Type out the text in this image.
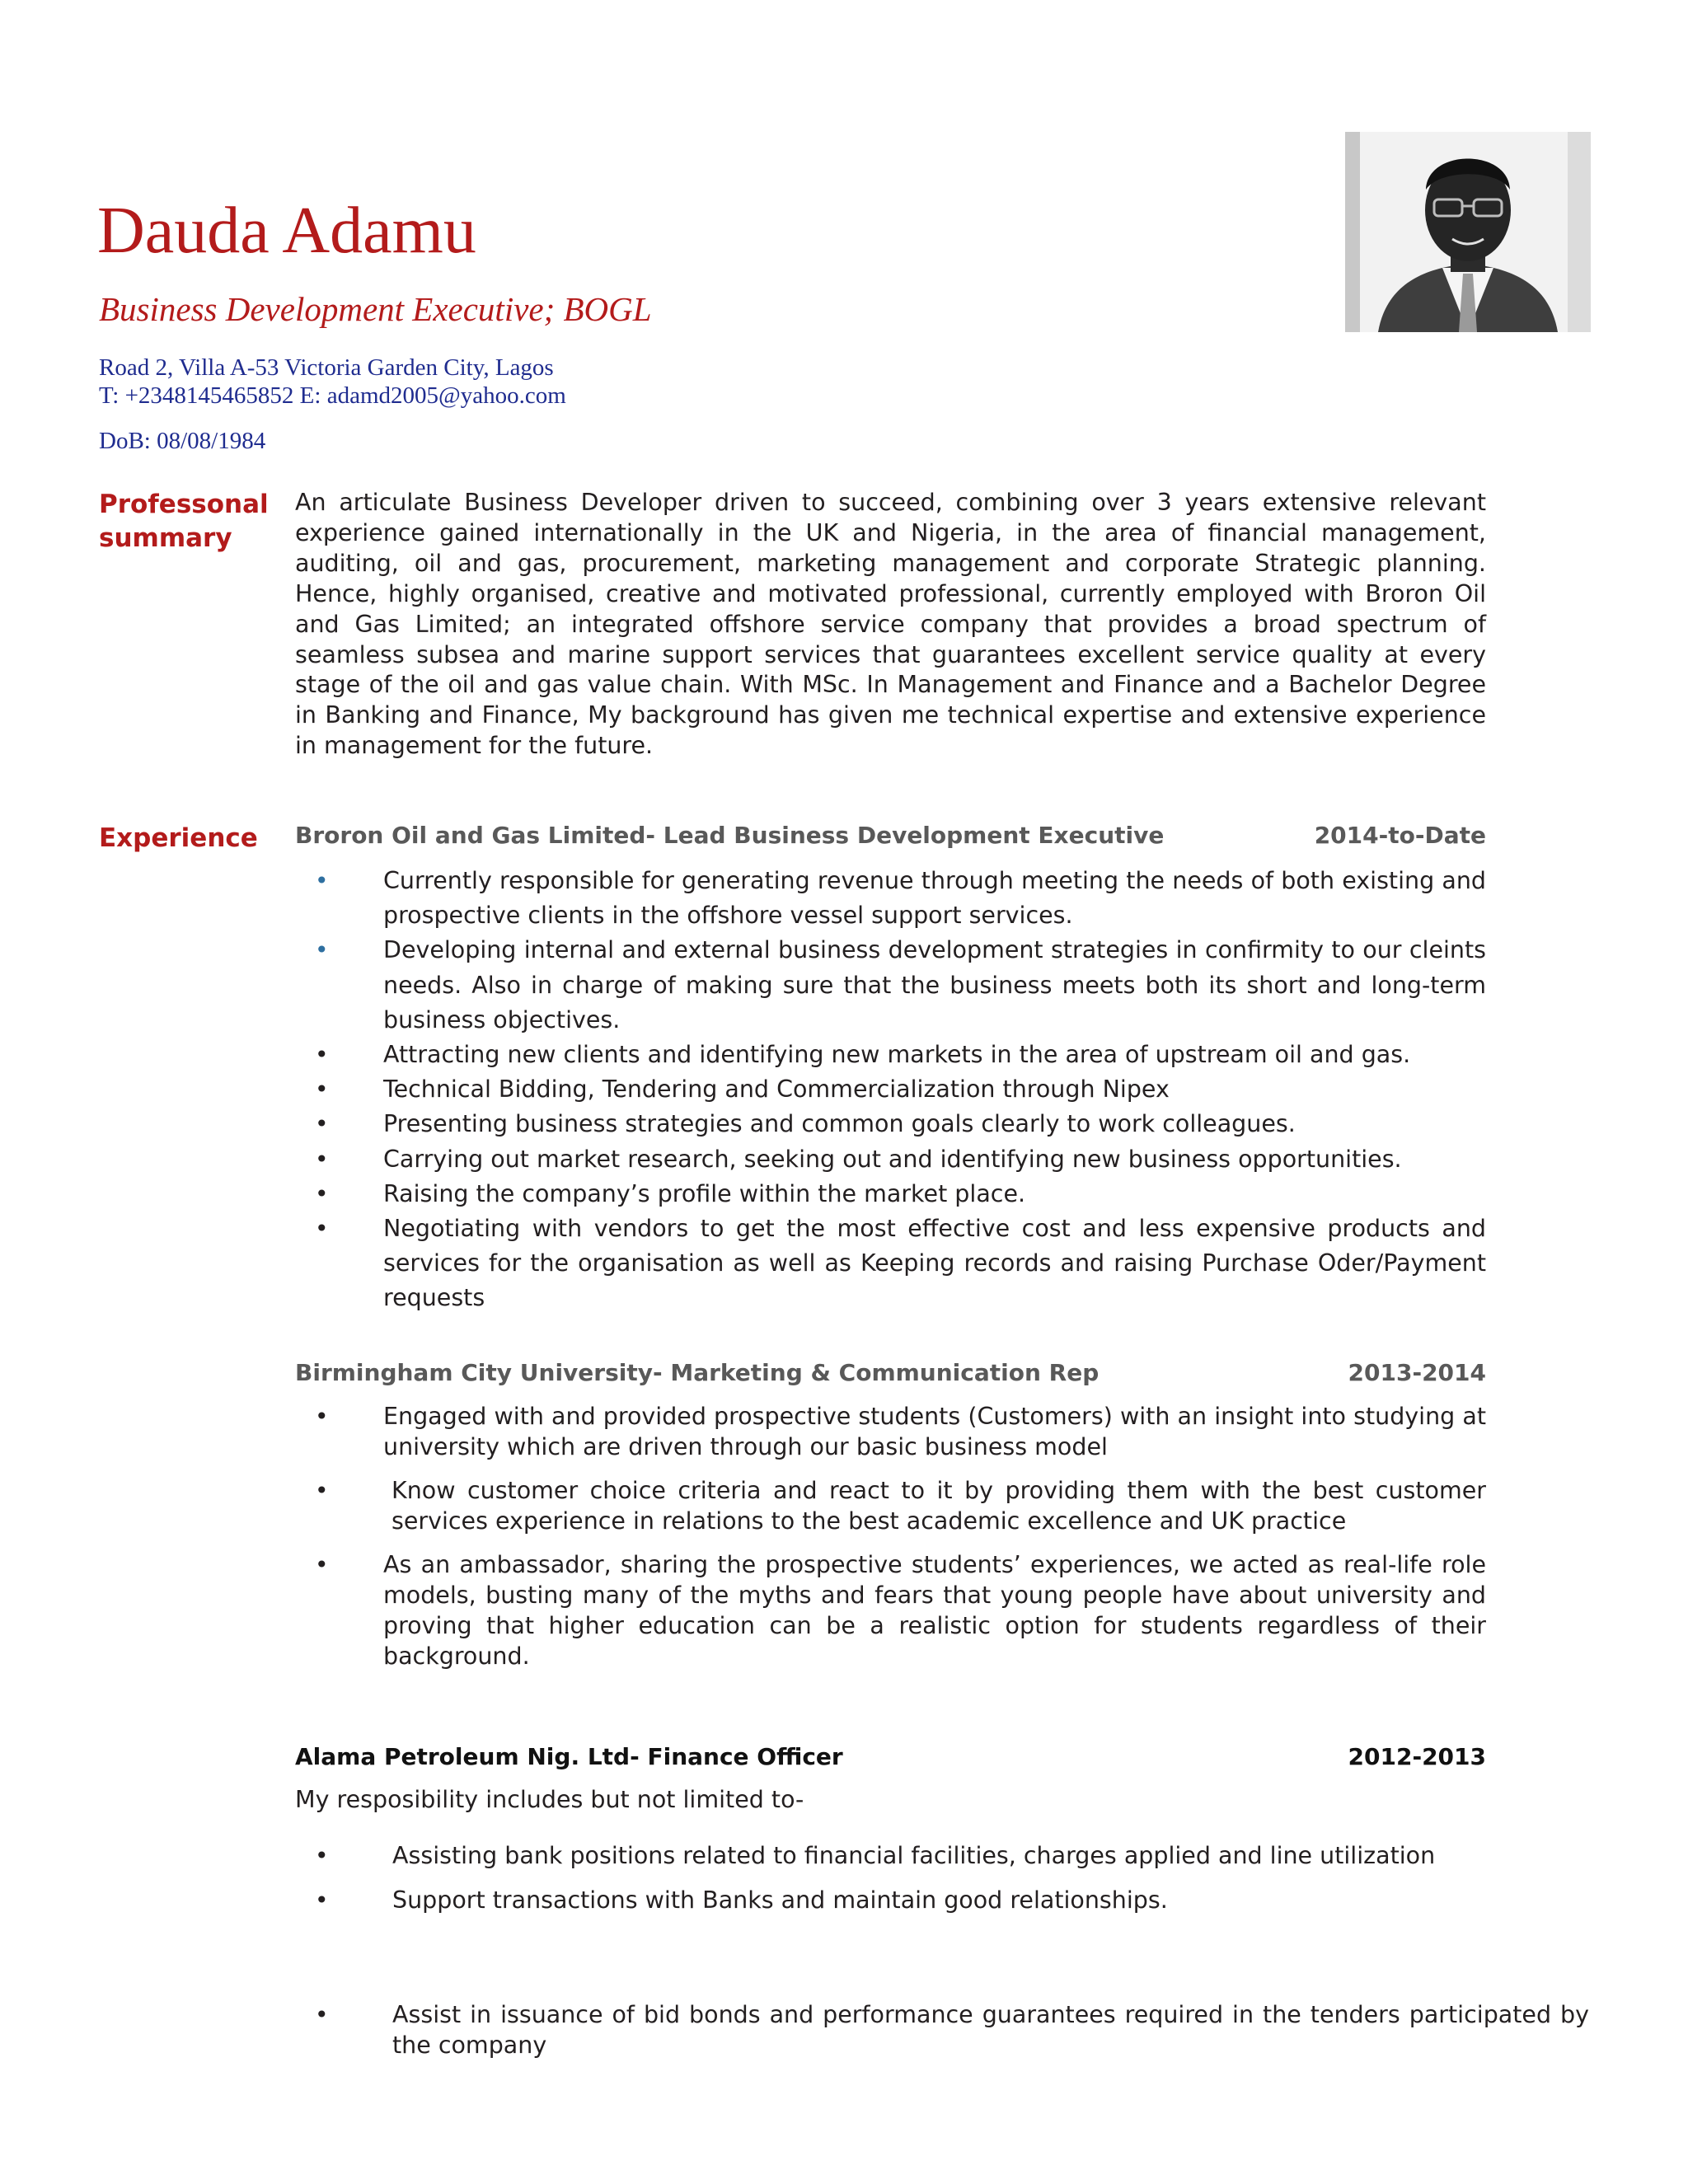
Dauda Adamu
Business Development Executive; BOGL
Road 2, Villa A-53 Victoria Garden City, Lagos
T: +2348145465852 E: adamd2005@yahoo.com
DoB: 08/08/1984
Professonal
summary
An articulate Business Developer driven to succeed, combining over 3 years extensive relevant experience gained internationally in the UK and Nigeria, in the area of financial management, auditing, oil and gas, procurement, marketing management and corporate Strategic planning. Hence, highly organised, creative and motivated professional, currently employed with Broron Oil and Gas Limited; an integrated offshore service company that provides a broad spectrum of seamless subsea and marine support services that guarantees excellent service quality at every stage of the oil and gas value chain. With MSc. In Management and Finance and a Bachelor Degree in Banking and Finance, My background has given me technical expertise and extensive experience in management for the future.
Experience Broron Oil and Gas Limited- Lead Business Development Executive	2014-to-Date
• Currently responsible for generating revenue through meeting the needs of both existing and prospective clients in the offshore vessel support services.
• Developing internal and external business development strategies in confirmity to our cleints needs. Also in charge of making sure that the business meets both its short and long-term business objectives.
• Attracting new clients and identifying new markets in the area of upstream oil and gas.
• Technical Bidding, Tendering and Commercialization through Nipex
• Presenting business strategies and common goals clearly to work colleagues.
• Carrying out market research, seeking out and identifying new business opportunities.
• Raising the company’s profile within the market place.
• Negotiating with vendors to get the most effective cost and less expensive products and services for the organisation as well as Keeping records and raising Purchase Oder/Payment requests
Birmingham City University- Marketing & Communication Rep	2013-2014
• Engaged with and provided prospective students (Customers) with an insight into studying at university which are driven through our basic business model
•	Know customer choice criteria and react to it by providing them with the best customer services experience in relations to the best academic excellence and UK practice
• As an ambassador, sharing the prospective students’ experiences, we acted as real-life role models, busting many of the myths and fears that young people have about university and proving that higher education can be a realistic option for students regardless of their background.
Alama Petroleum Nig. Ltd- Finance Officer	2012-2013
My resposibility includes but not limited to-
•	Assisting bank positions related to financial facilities, charges applied and line utilization
•	Support transactions with Banks and maintain good relationships.
•	Assist in issuance of bid bonds and performance guarantees required in the tenders participated by the company
